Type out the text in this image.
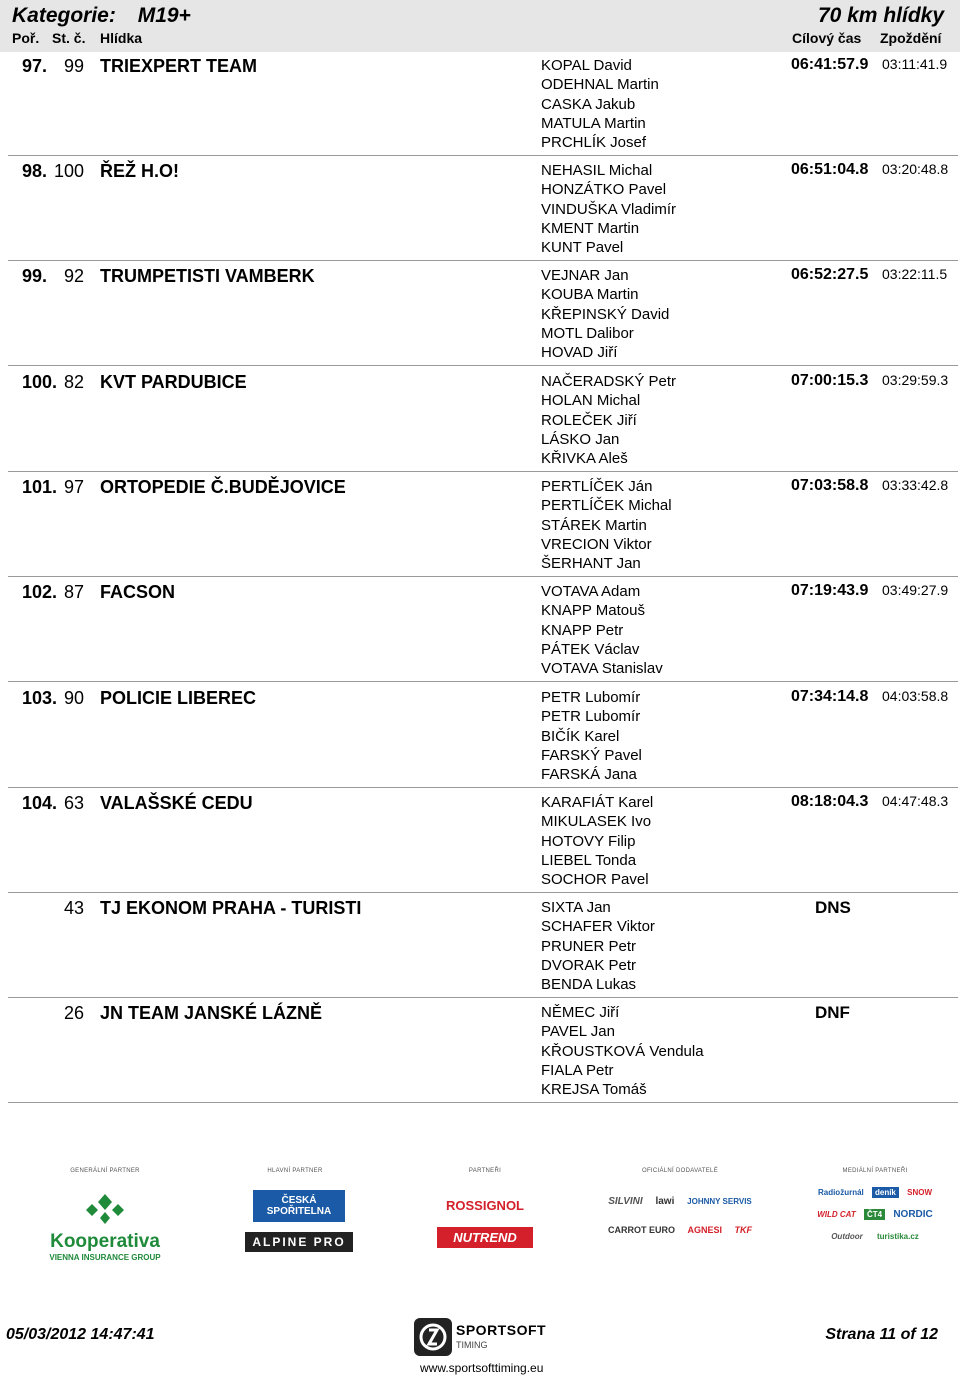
Kategorie: M19+	70 km hlídky
Poř. St. č. Hlídka	Cílový čas Zpoždění
97. 99 TRIEXPERT TEAM	KOPAL David
ODEHNAL Martin
CASKA Jakub
MATULA Martin
PRCHLÍK Josef
06:41:57.9 03:11:41.9
98. 100 ŘEŽ H.O!	NEHASIL Michal
HONZÁTKO Pavel
VINDUŠKA Vladimír
KMENT Martin
KUNT Pavel
06:51:04.8 03:20:48.8
99. 92 TRUMPETISTI VAMBERK	VEJNAR Jan
KOUBA Martin
KŘEPINSKÝ David
MOTL Dalibor
HOVAD Jiří
06:52:27.5 03:22:11.5
100. 82 KVT PARDUBICE	NAČERADSKÝ Petr
HOLAN Michal
ROLEČEK Jiří
LÁSKO Jan
KŘIVKA Aleš
07:00:15.3 03:29:59.3
101. 97 ORTOPEDIE Č.BUDĚJOVICE	PERTLÍČEK Ján
PERTLÍČEK Michal
STÁREK Martin
VRECION Viktor
ŠERHANT Jan
07:03:58.8 03:33:42.8
102. 87 FACSON	VOTAVA Adam
KNAPP Matouš
KNAPP Petr
PÁTEK Václav
VOTAVA Stanislav
07:19:43.9 03:49:27.9
103. 90 POLICIE LIBEREC	PETR Lubomír
PETR Lubomír
BIČÍK Karel
FARSKÝ Pavel
FARSKÁ Jana
07:34:14.8 04:03:58.8
104. 63 VALAŠSKÉ CEDU	KARAFIÁT Karel
MIKULASEK Ivo
HOTOVY Filip
LIEBEL Tonda
SOCHOR Pavel
08:18:04.3 04:47:48.3
43 TJ EKONOM PRAHA - TURISTI	SIXTA Jan
SCHAFER Viktor
PRUNER Petr
DVORAK Petr
BENDA Lukas
DNS
26 JN TEAM JANSKÉ LÁZNĚ	NĚMEC Jiří
PAVEL Jan
KŘOUSTKOVÁ Vendula
FIALA Petr
KREJSA Tomáš
DNF
GENERÁLNÍ PARTNER
Kooperativa
VIENNA INSURANCE GROUP
HLAVNÍ PARTNER
ČESKÁ SPOŘITELNA
ALPINE PRO
PARTNEŘI
ROSSIGNOL
NUTREND
OFICIÁLNÍ DODAVATELÉ
SILVINI lawi JOHNNY SERVIS
CARROT EURO AGNESI TKF
MEDIÁLNÍ PARTNEŘI
Radiožurnál deník SNOW
WILD CAT ČT4 NORDIC
Outdoor turistika.cz
05/03/2012 14:47:41	SPORTSOFT
TIMING
www.sportsofttiming.eu
Strana 11 of 12
